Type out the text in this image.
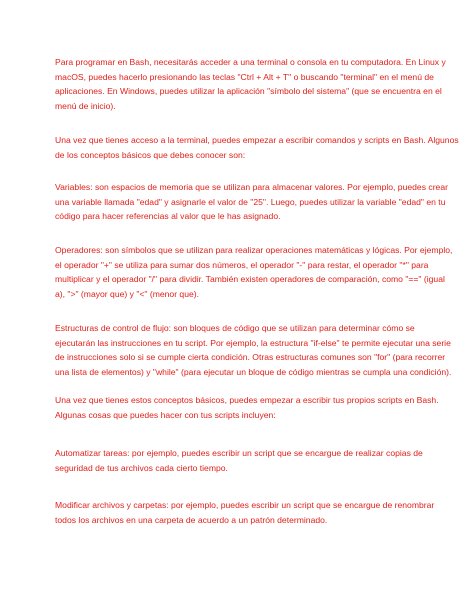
Para programar en Bash, necesitarás acceder a una terminal o consola en tu computadora. En Linux y
macOS, puedes hacerlo presionando las teclas "Ctrl + Alt + T" o buscando "terminal" en el menú de
aplicaciones. En Windows, puedes utilizar la aplicación "símbolo del sistema" (que se encuentra en el
menú de inicio).

Una vez que tienes acceso a la terminal, puedes empezar a escribir comandos y scripts en Bash. Algunos
de los conceptos básicos que debes conocer son:

Variables: son espacios de memoria que se utilizan para almacenar valores. Por ejemplo, puedes crear
una variable llamada "edad" y asignarle el valor de "25". Luego, puedes utilizar la variable "edad" en tu
código para hacer referencias al valor que le has asignado.

Operadores: son símbolos que se utilizan para realizar operaciones matemáticas y lógicas. Por ejemplo,
el operador "+" se utiliza para sumar dos números, el operador "-" para restar, el operador "*" para
multiplicar y el operador "/" para dividir. También existen operadores de comparación, como "==" (igual
a), ">" (mayor que) y "<" (menor que).

Estructuras de control de flujo: son bloques de código que se utilizan para determinar cómo se
ejecutarán las instrucciones en tu script. Por ejemplo, la estructura "if-else" te permite ejecutar una serie
de instrucciones solo si se cumple cierta condición. Otras estructuras comunes son "for" (para recorrer
una lista de elementos) y "while" (para ejecutar un bloque de código mientras se cumpla una condición).

Una vez que tienes estos conceptos básicos, puedes empezar a escribir tus propios scripts en Bash.
Algunas cosas que puedes hacer con tus scripts incluyen:

Automatizar tareas: por ejemplo, puedes escribir un script que se encargue de realizar copias de
seguridad de tus archivos cada cierto tiempo.

Modificar archivos y carpetas: por ejemplo, puedes escribir un script que se encargue de renombrar
todos los archivos en una carpeta de acuerdo a un patrón determinado.
